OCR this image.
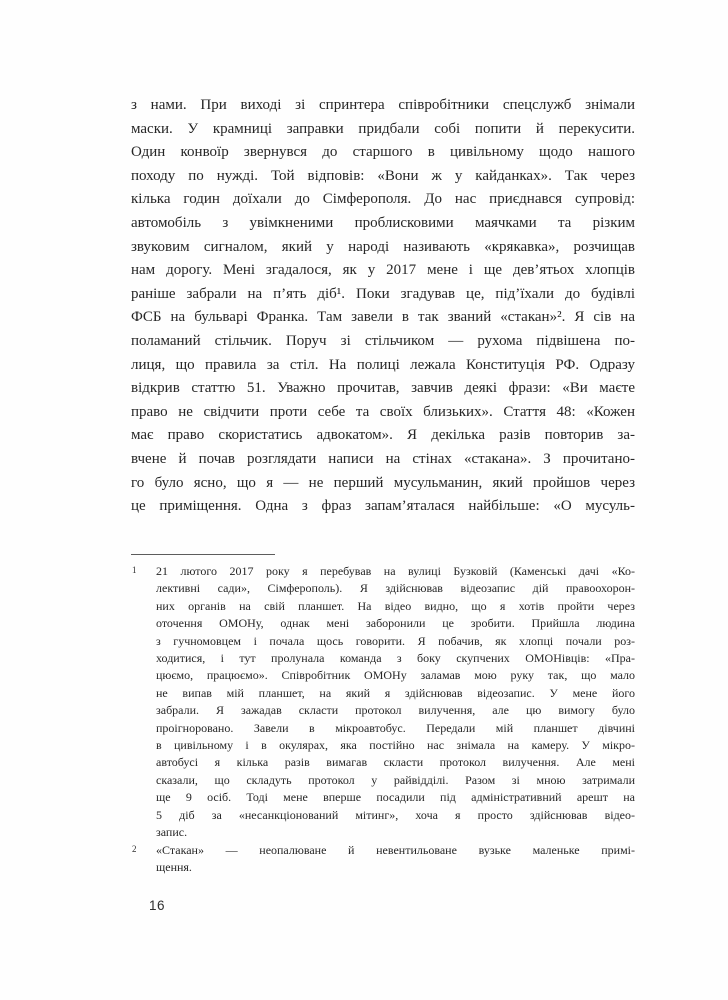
з нами. При виході зі спринтера співробітники спецслужб знімали
маски. У крамниці заправки придбали собі попити й перекусити.
Один конвоїр звернувся до старшого в цивільному щодо нашого
походу по нужді. Той відповів: «Вони ж у кайданках». Так через
кілька годин доїхали до Сімферополя. До нас приєднався супровід:
автомобіль з увімкненими проблисковими маячками та різким
звуковим сигналом, який у народі називають «крякавка», розчищав
нам дорогу. Мені згадалося, як у 2017 мене і ще дев’ятьох хлопців
раніше забрали на п’ять діб¹. Поки згадував це, під’їхали до будівлі
ФСБ на бульварі Франка. Там завели в так званий «стакан»². Я сів на
поламаний стільчик. Поруч зі стільчиком — рухома підвішена по-
лиця, що правила за стіл. На полиці лежала Конституція РФ. Одразу
відкрив статтю 51. Уважно прочитав, завчив деякі фрази: «Ви маєте
право не свідчити проти себе та своїх близьких». Стаття 48: «Кожен
має право скористатись адвокатом». Я декілька разів повторив за-
вчене й почав розглядати написи на стінах «стакана». З прочитано-
го було ясно, що я — не перший мусульманин, який пройшов через
це приміщення. Одна з фраз запам’яталася найбільше: «О мусуль-
1 21 лютого 2017 року я перебував на вулиці Бузковій (Каменські дачі «Ко-
лективні сади», Сімферополь). Я здійснював відеозапис дій правоохорон-
них органів на свій планшет. На відео видно, що я хотів пройти через
оточення ОМОНу, однак мені заборонили це зробити. Прийшла людина
з гучномовцем і почала щось говорити. Я побачив, як хлопці почали роз-
ходитися, і тут пролунала команда з боку скупчених ОМОНівців: «Пра-
цюємо, працюємо». Співробітник ОМОНу заламав мою руку так, що мало
не випав мій планшет, на який я здійснював відеозапис. У мене його
забрали. Я зажадав скласти протокол вилучення, але цю вимогу було
проігноровано. Завели в мікроавтобус. Передали мій планшет дівчині
в цивільному і в окулярах, яка постійно нас знімала на камеру. У мікро-
автобусі я кілька разів вимагав скласти протокол вилучення. Але мені
сказали, що складуть протокол у райвідділі. Разом зі мною затримали
ще 9 осіб. Тоді мене вперше посадили під адміністративний арешт на
5 діб за «несанкціонований мітинг», хоча я просто здійснював відео-
запис.
2 «Стакан» — неопалюване й невентильоване вузьке маленьке примі-
щення.
16
